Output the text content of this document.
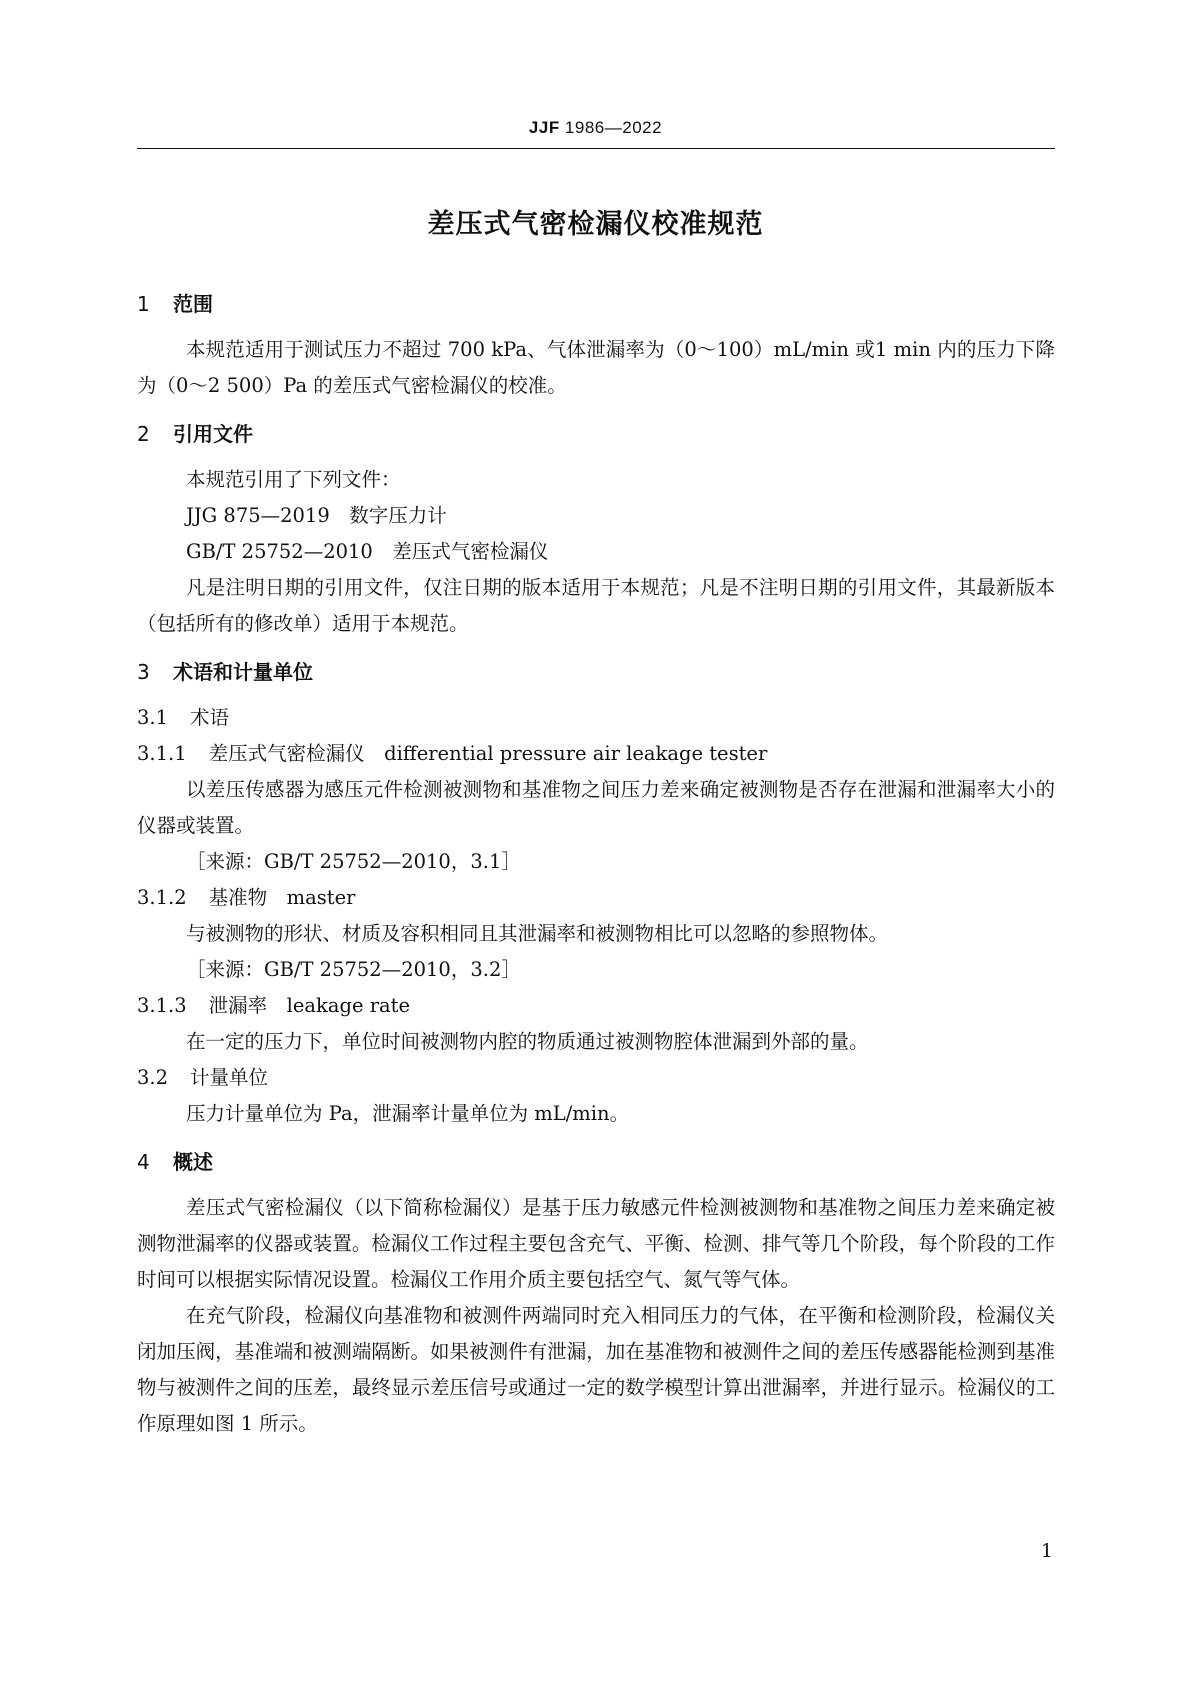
JJF 1986—2022
差压式气密检漏仪校准规范
1 范围

本规范适用于测试压力不超过 700 kPa、气体泄漏率为（0～100）mL/min 或1 min 内的压力下降为（0～2 500）Pa 的差压式气密检漏仪的校准。

2 引用文件

本规范引用了下列文件：

JJG 875—2019　数字压力计

GB/T 25752—2010　差压式气密检漏仪

凡是注明日期的引用文件，仅注日期的版本适用于本规范；凡是不注明日期的引用文件，其最新版本（包括所有的修改单）适用于本规范。

3 术语和计量单位

3.1 术语

3.1.1 差压式气密检漏仪　differential pressure air leakage tester

以差压传感器为感压元件检测被测物和基准物之间压力差来确定被测物是否存在泄漏和泄漏率大小的仪器或装置。

［来源：GB/T 25752—2010，3.1］

3.1.2 基准物　master

与被测物的形状、材质及容积相同且其泄漏率和被测物相比可以忽略的参照物体。

［来源：GB/T 25752—2010，3.2］

3.1.3 泄漏率　leakage rate

在一定的压力下，单位时间被测物内腔的物质通过被测物腔体泄漏到外部的量。

3.2 计量单位

压力计量单位为 Pa，泄漏率计量单位为 mL/min。

4 概述

差压式气密检漏仪（以下简称检漏仪）是基于压力敏感元件检测被测物和基准物之间压力差来确定被测物泄漏率的仪器或装置。检漏仪工作过程主要包含充气、平衡、检测、排气等几个阶段，每个阶段的工作时间可以根据实际情况设置。检漏仪工作用介质主要包括空气、氮气等气体。

在充气阶段，检漏仪向基准物和被测件两端同时充入相同压力的气体，在平衡和检测阶段，检漏仪关闭加压阀，基准端和被测端隔断。如果被测件有泄漏，加在基准物和被测件之间的差压传感器能检测到基准物与被测件之间的压差，最终显示差压信号或通过一定的数学模型计算出泄漏率，并进行显示。检漏仪的工作原理如图 1 所示。

1
